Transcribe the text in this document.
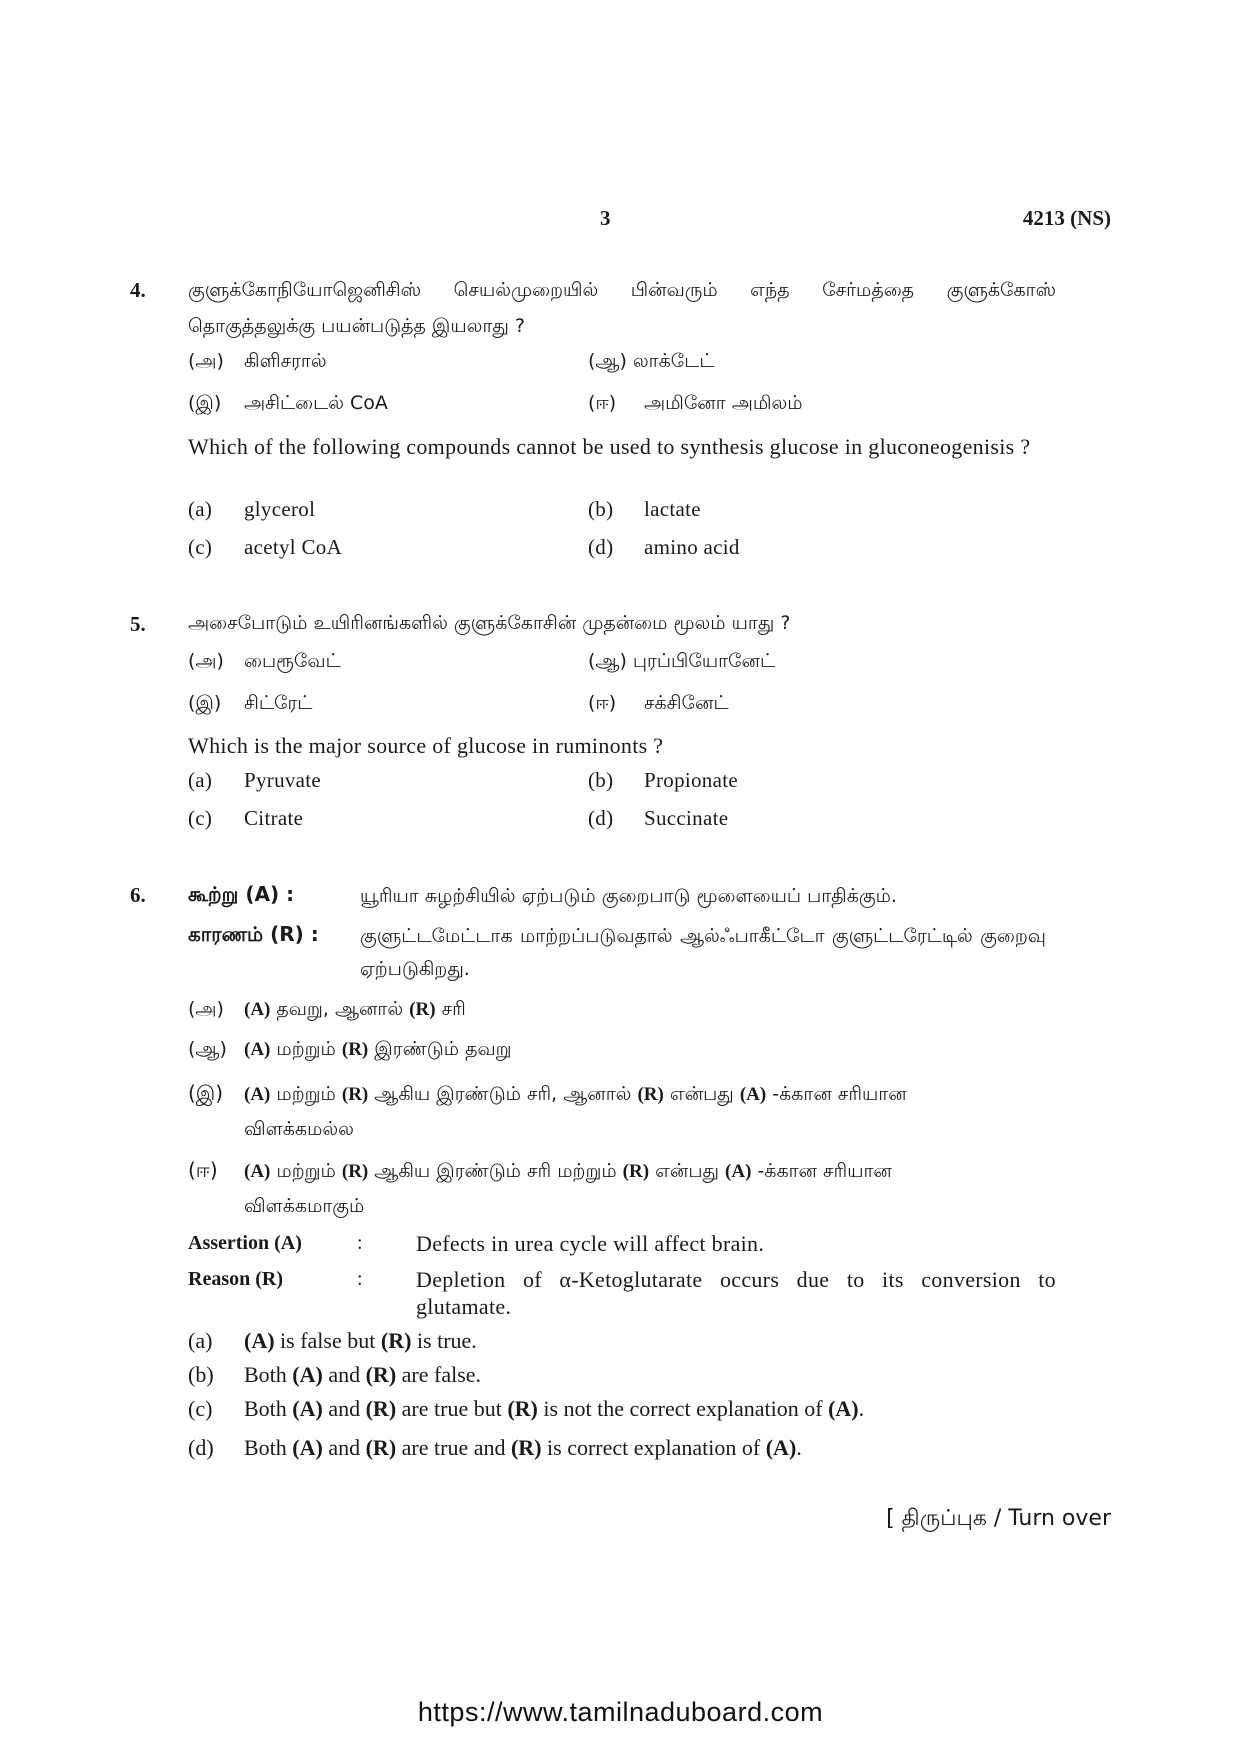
3	4213 (NS)
4. குளுக்கோநியோஜெனிசிஸ் செயல்முறையில் பின்வரும் எந்த சேர்மத்தை குளுக்கோஸ் தொகுத்தலுக்கு பயன்படுத்த இயலாது ?
(அ) கிளிசரால்	(ஆ) லாக்டேட்
(இ) அசிட்டைல் CoA	(ஈ) அமினோ அமிலம்
Which of the following compounds cannot be used to synthesis glucose in gluconeogenisis ?
(a) glycerol	(b) lactate
(c) acetyl CoA	(d) amino acid
5. அசைபோடும் உயிரினங்களில் குளுக்கோசின் முதன்மை மூலம் யாது ?
(அ) பைரூவேட்	(ஆ) புரப்பியோனேட்
(இ) சிட்ரேட்	(ஈ) சக்சினேட்
Which is the major source of glucose in ruminonts ?
(a) Pyruvate	(b) Propionate
(c) Citrate	(d) Succinate
6. கூற்று (A) :	யூரியா சுழற்சியில் ஏற்படும் குறைபாடு மூளையைப் பாதிக்கும்.
காரணம் (R) : குளுட்டமேட்டாக மாற்றப்படுவதால் ஆல்ஃபாகீட்டோ குளுட்டரேட்டில் குறைவு ஏற்படுகிறது.
(அ) (A) தவறு, ஆனால் (R) சரி
(ஆ) (A) மற்றும் (R) இரண்டும் தவறு
(இ) (A) மற்றும் (R) ஆகிய இரண்டும் சரி, ஆனால் (R) என்பது (A) -க்கான சரியான
விளக்கமல்ல
(ஈ) (A) மற்றும் (R) ஆகிய இரண்டும் சரி மற்றும் (R) என்பது (A) -க்கான சரியான
விளக்கமாகும்
Assertion (A)	: Defects in urea cycle will affect brain.
Reason (R)	: Depletion of α-Ketoglutarate occurs due to its conversion to glutamate.
(a) (A) is false but (R) is true.
(b) Both (A) and (R) are false.
(c) Both (A) and (R) are true but (R) is not the correct explanation of (A).
(d) Both (A) and (R) are true and (R) is correct explanation of (A).
[ திருப்புக / Turn over
https://www.tamilnaduboard.com
